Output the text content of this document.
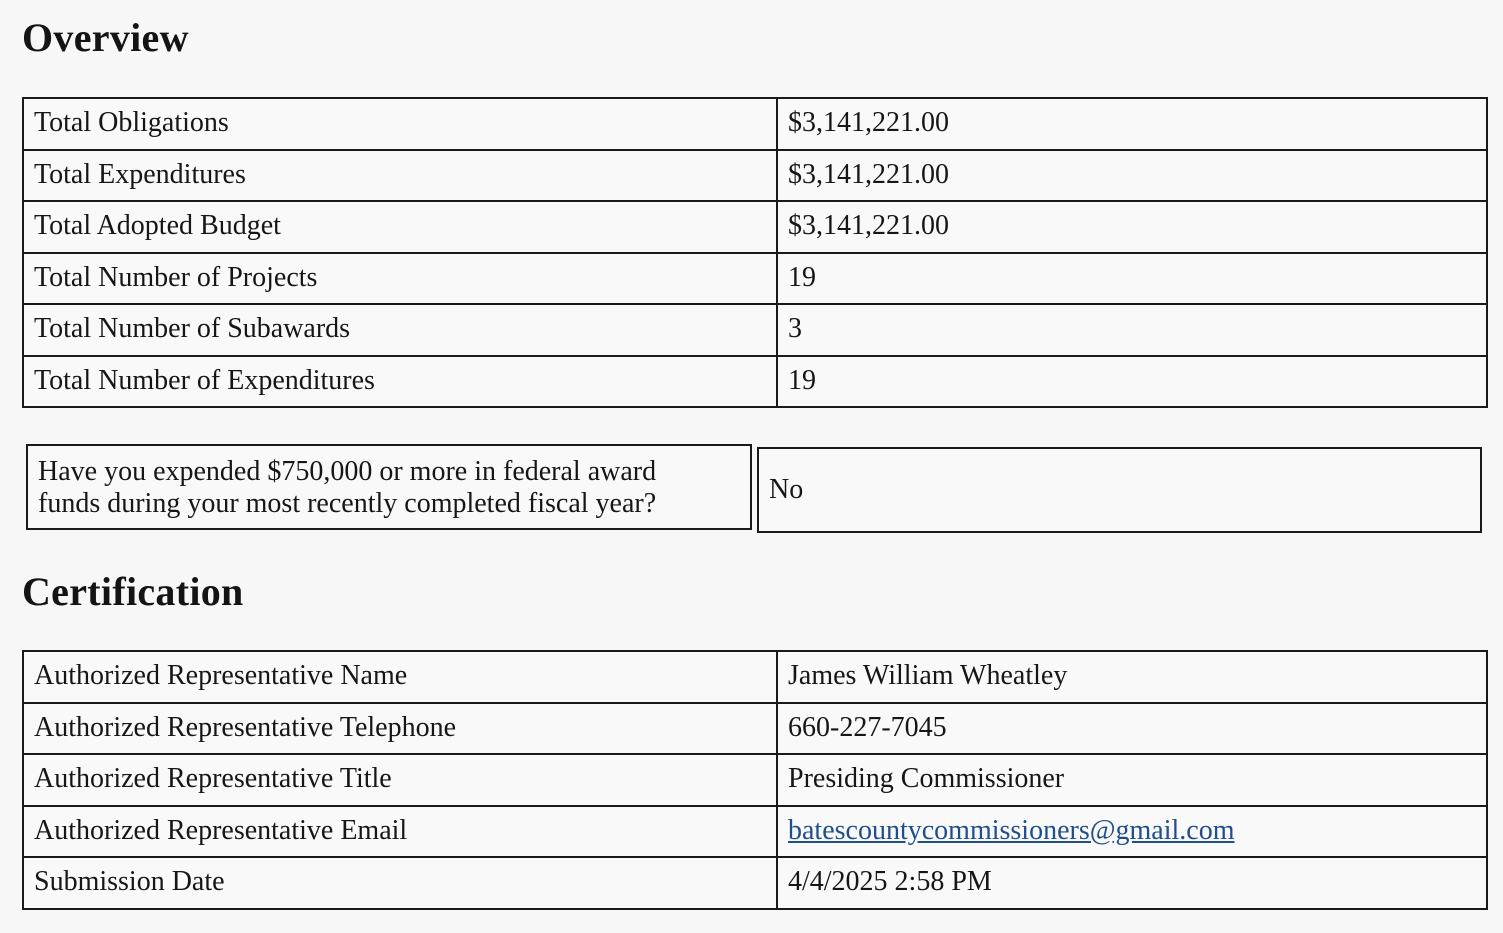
Overview
Total Obligations	$3,141,221.00
Total Expenditures	$3,141,221.00
Total Adopted Budget	$3,141,221.00
Total Number of Projects	19
Total Number of Subawards	3
Total Number of Expenditures	19
Have you expended $750,000 or more in federal award
funds during your most recently completed fiscal year?	No
Certification
Authorized Representative Name	James William Wheatley
Authorized Representative Telephone	660-227-7045
Authorized Representative Title	Presiding Commissioner
Authorized Representative Email	batescountycommissioners@gmail.com
Submission Date	4/4/2025 2:58 PM
